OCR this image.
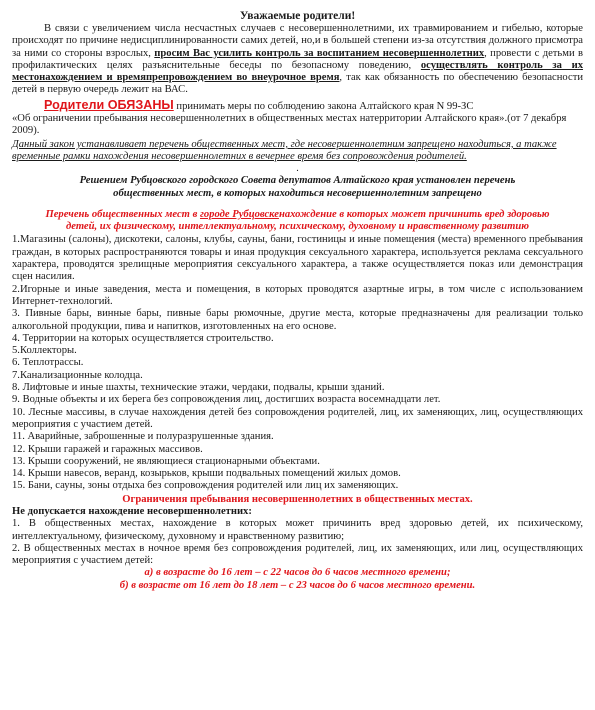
Уважаемые родители!

В связи с увеличением числа несчастных случаев с несовершеннолетними, их травмированием и гибелью, которые происходят по причине недисциплинированности самих детей, но,и в большей степени из-за отсутствия должного присмотра за ними со стороны взрослых, просим Вас усилить контроль за воспитанием несовершеннолетних, провести с детьми в профилактических целях разъяснительные беседы по безопасному поведению, осуществлять контроль за их местонахождением и времяпрепровождением во внеурочное время, так как обязанность по обеспечению безопасности детей в первую очередь лежит на ВАС.

Родители ОБЯЗАНЫ принимать меры по соблюдению закона Алтайского края N 99-ЗС
«Об ограничении пребывания несовершеннолетних в общественных местах натерритории Алтайского края».(от 7 декабря 2009).

Данный закон устанавливает перечень общественных мест, где несовершеннолетним запрещено находиться, а также временные рамки нахождения несовершеннолетних в вечернее время без сопровождения родителей.

.

Решением Рубцовского городского Совета депутатов Алтайского края установлен перечень общественных мест, в которых находиться несовершеннолетним запрещено

Перечень общественных мест в городе Рубцовскенахождение в которых может причинить вред здоровью детей, их физическому, интеллектуальному, психическому, духовному и нравственному развитию

1.Магазины (салоны), дискотеки, салоны, клубы, сауны, бани, гостиницы и иные помещения (места) временного пребывания граждан, в которых распространяются товары и иная продукция сексуального характера, используется реклама сексуального характера, проводятся зрелищные мероприятия сексуального характера, а также осуществляется показ или демонстрация сцен насилия.

2.Игорные и иные заведения, места и помещения, в которых проводятся азартные игры, в том числе с использованием Интернет-технологий.

3. Пивные бары, винные бары, пивные бары рюмочные, другие места, которые предназначены для реализации только алкогольной продукции, пива и напитков, изготовленных на его основе.

4. Территории на которых осуществляется строительство.

5.Коллекторы.

6. Теплотрассы.

7.Канализационные колодца.

8. Лифтовые и иные шахты, технические этажи, чердаки, подвалы, крыши зданий.

9. Водные объекты и их берега без сопровождения лиц, достигших возраста восемнадцати лет.

10. Лесные массивы, в случае нахождения детей без сопровождения родителей, лиц, их заменяющих, лиц, осуществляющих мероприятия с участием детей.

11. Аварийные, заброшенные и полуразрушенные здания.

12. Крыши гаражей и гаражных массивов.

13. Крыши сооружений, не являющиеся стационарными объектами.

14. Крыши навесов, веранд, козырьков, крыши подвальных помещений жилых домов.

15. Бани, сауны, зоны отдыха без сопровождения родителей или лиц их заменяющих.

Ограничения пребывания несовершеннолетних в общественных местах.

Не допускается нахождение несовершеннолетних:

1. В общественных местах, нахождение в которых может причинить вред здоровью детей, их психическому, интеллектуальному, физическому, духовному и нравственному развитию;

2. В общественных местах в ночное время без сопровождения родителей, лиц, их заменяющих, или лиц, осуществляющих мероприятия с участием детей:

а) в возрасте до 16 лет – с 22 часов до 6 часов местного времени;

б) в возрасте от 16 лет до 18 лет – с 23 часов до 6 часов местного времени.
